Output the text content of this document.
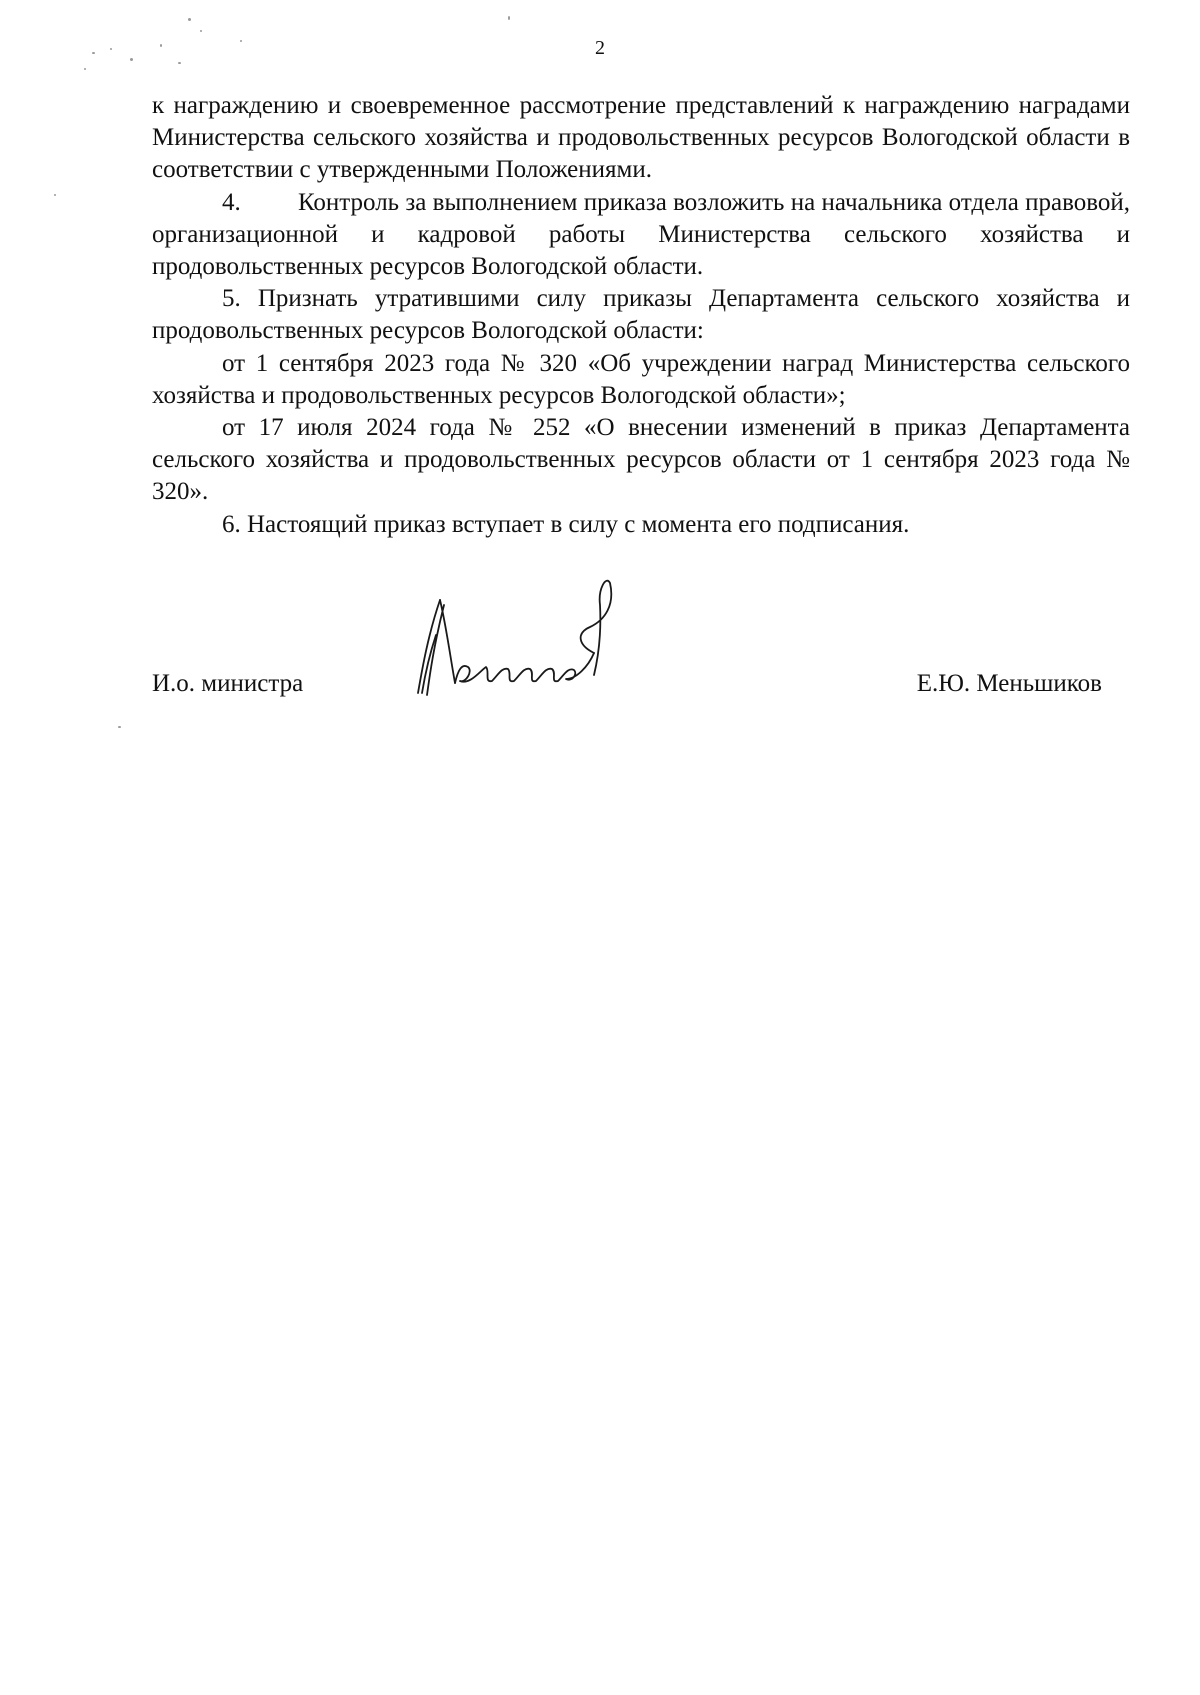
2

к награждению и своевременное рассмотрение представлений к награждению наградами Министерства сельского хозяйства и продовольственных ресурсов Вологодской области в соответствии с утвержденными Положениями.

4. Контроль за выполнением приказа возложить на начальника отдела правовой, организационной и кадровой работы Министерства сельского хозяйства и продовольственных ресурсов Вологодской области.

5. Признать утратившими силу приказы Департамента сельского хозяйства и продовольственных ресурсов Вологодской области:

от 1 сентября 2023 года № 320 «Об учреждении наград Министерства сельского хозяйства и продовольственных ресурсов Вологодской области»;

от 17 июля 2024 года № 252 «О внесении изменений в приказ Департамента сельского хозяйства и продовольственных ресурсов области от 1 сентября 2023 года № 320».

6. Настоящий приказ вступает в силу с момента его подписания.

И.о. министра	Е.Ю. Меньшиков
